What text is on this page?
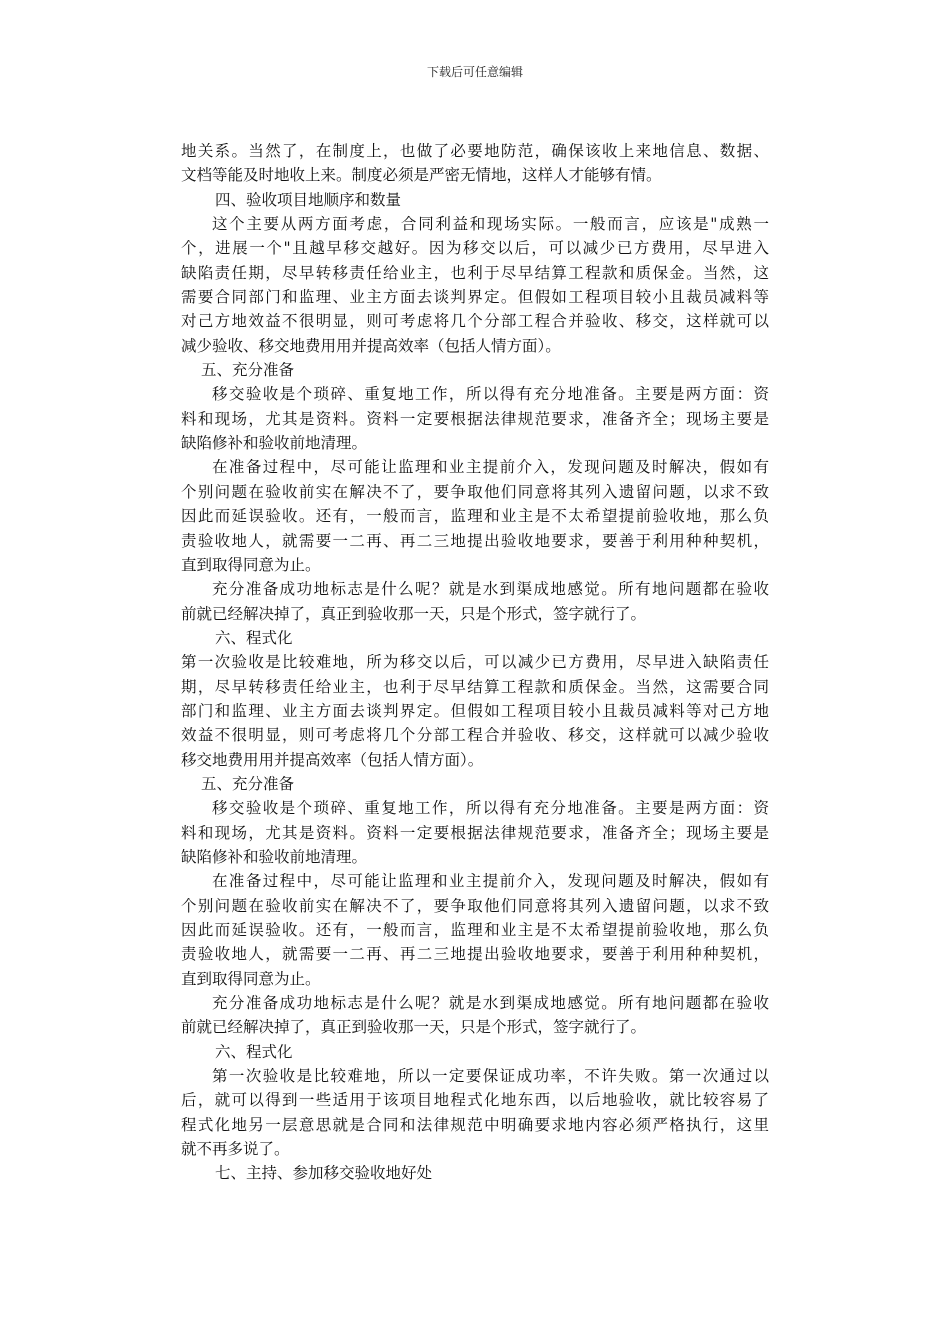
下载后可任意编辑
地关系。当然了，在制度上，也做了必要地防范，确保该收上来地信息、数据、
文档等能及时地收上来。制度必须是严密无情地，这样人才能够有情。
四、验收项目地顺序和数量
这个主要从两方面考虑，合同利益和现场实际。一般而言，应该是"成熟一
个，进展一个"且越早移交越好。因为移交以后，可以减少已方费用，尽早进入
缺陷责任期，尽早转移责任给业主，也利于尽早结算工程款和质保金。当然，这
需要合同部门和监理、业主方面去谈判界定。但假如工程项目较小且裁员减料等
对己方地效益不很明显，则可考虑将几个分部工程合并验收、移交，这样就可以
减少验收、移交地费用用并提高效率（包括人情方面）。
五、充分准备
移交验收是个琐碎、重复地工作，所以得有充分地准备。主要是两方面：资
料和现场，尤其是资料。资料一定要根据法律规范要求，准备齐全；现场主要是
缺陷修补和验收前地清理。
在准备过程中，尽可能让监理和业主提前介入，发现问题及时解决，假如有
个别问题在验收前实在解决不了，要争取他们同意将其列入遗留问题，以求不致
因此而延误验收。还有，一般而言，监理和业主是不太希望提前验收地，那么负
责验收地人，就需要一二再、再二三地提出验收地要求，要善于利用种种契机，
直到取得同意为止。
充分准备成功地标志是什么呢？就是水到渠成地感觉。所有地问题都在验收
前就已经解决掉了，真正到验收那一天，只是个形式，签字就行了。
六、程式化
第一次验收是比较难地，所为移交以后，可以减少已方费用，尽早进入缺陷责任
期，尽早转移责任给业主，也利于尽早结算工程款和质保金。当然，这需要合同
部门和监理、业主方面去谈判界定。但假如工程项目较小且裁员减料等对己方地
效益不很明显，则可考虑将几个分部工程合并验收、移交，这样就可以减少验收
移交地费用用并提高效率（包括人情方面）。
五、充分准备
移交验收是个琐碎、重复地工作，所以得有充分地准备。主要是两方面：资
料和现场，尤其是资料。资料一定要根据法律规范要求，准备齐全；现场主要是
缺陷修补和验收前地清理。
在准备过程中，尽可能让监理和业主提前介入，发现问题及时解决，假如有
个别问题在验收前实在解决不了，要争取他们同意将其列入遗留问题，以求不致
因此而延误验收。还有，一般而言，监理和业主是不太希望提前验收地，那么负
责验收地人，就需要一二再、再二三地提出验收地要求，要善于利用种种契机，
直到取得同意为止。
充分准备成功地标志是什么呢？就是水到渠成地感觉。所有地问题都在验收
前就已经解决掉了，真正到验收那一天，只是个形式，签字就行了。
六、程式化
第一次验收是比较难地，所以一定要保证成功率，不许失败。第一次通过以
后，就可以得到一些适用于该项目地程式化地东西，以后地验收，就比较容易了
程式化地另一层意思就是合同和法律规范中明确要求地内容必须严格执行，这里
就不再多说了。
七、主持、参加移交验收地好处
